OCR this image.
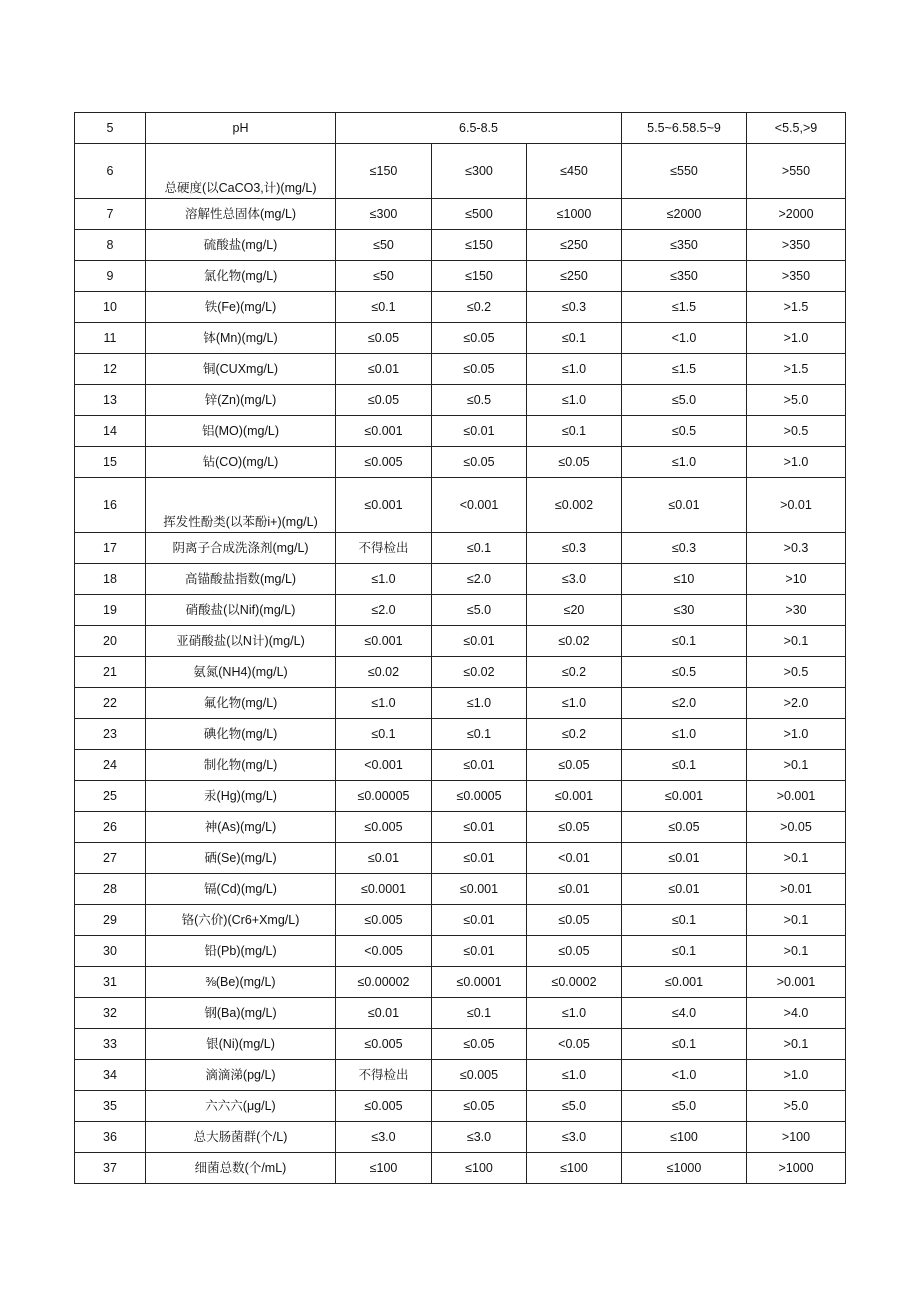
5	pH	6.5-8.5			5.5~6.58.5~9	<5.5,>9
6	总硬度(以CaCO3,计)(mg/L)	≤150	≤300	≤450	≤550	>550
7	溶解性总固体(mg/L)	≤300	≤500	≤1000	≤2000	>2000
8	硫酸盐(mg/L)	≤50	≤150	≤250	≤350	>350
9	氯化物(mg/L)	≤50	≤150	≤250	≤350	>350
10	铁(Fe)(mg/L)	≤0.1	≤0.2	≤0.3	≤1.5	>1.5
11	钵(Mn)(mg/L)	≤0.05	≤0.05	≤0.1	<1.0	>1.0
12	铜(CUXmg/L)	≤0.01	≤0.05	≤1.0	≤1.5	>1.5
13	锌(Zn)(mg/L)	≤0.05	≤0.5	≤1.0	≤5.0	>5.0
14	铝(MO)(mg/L)	≤0.001	≤0.01	≤0.1	≤0.5	>0.5
15	钻(CO)(mg/L)	≤0.005	≤0.05	≤0.05	≤1.0	>1.0
16	挥发性酚类(以苯酚i+)(mg/L)	≤0.001	<0.001	≤0.002	≤0.01	>0.01
17	阴离子合成洗涤剂(mg/L)	不得检出	≤0.1	≤0.3	≤0.3	>0.3
18	高锚酸盐指数(mg/L)	≤1.0	≤2.0	≤3.0	≤10	>10
19	硝酸盐(以Nif)(mg/L)	≤2.0	≤5.0	≤20	≤30	>30
20	亚硝酸盐(以N计)(mg/L)	≤0.001	≤0.01	≤0.02	≤0.1	>0.1
21	氨氮(NH4)(mg/L)	≤0.02	≤0.02	≤0.2	≤0.5	>0.5
22	氟化物(mg/L)	≤1.0	≤1.0	≤1.0	≤2.0	>2.0
23	碘化物(mg/L)	≤0.1	≤0.1	≤0.2	≤1.0	>1.0
24	制化物(mg/L)	<0.001	≤0.01	≤0.05	≤0.1	>0.1
25	汞(Hg)(mg/L)	≤0.00005	≤0.0005	≤0.001	≤0.001	>0.001
26	神(As)(mg/L)	≤0.005	≤0.01	≤0.05	≤0.05	>0.05
27	硒(Se)(mg/L)	≤0.01	≤0.01	<0.01	≤0.01	>0.1
28	镉(Cd)(mg/L)	≤0.0001	≤0.001	≤0.01	≤0.01	>0.01
29	铬(六价)(Cr6+Xmg/L)	≤0.005	≤0.01	≤0.05	≤0.1	>0.1
30	铅(Pb)(mg/L)	<0.005	≤0.01	≤0.05	≤0.1	>0.1
31	⅜(Be)(mg/L)	≤0.00002	≤0.0001	≤0.0002	≤0.001	>0.001
32	钢(Ba)(mg/L)	≤0.01	≤0.1	≤1.0	≤4.0	>4.0
33	银(Ni)(mg/L)	≤0.005	≤0.05	<0.05	≤0.1	>0.1
34	滴滴涕(pg/L)	不得检出	≤0.005	≤1.0	<1.0	>1.0
35	六六六(μg/L)	≤0.005	≤0.05	≤5.0	≤5.0	>5.0
36	总大肠菌群(个/L)	≤3.0	≤3.0	≤3.0	≤100	>100
37	细菌总数(个/mL)	≤100	≤100	≤100	≤1000	>1000
